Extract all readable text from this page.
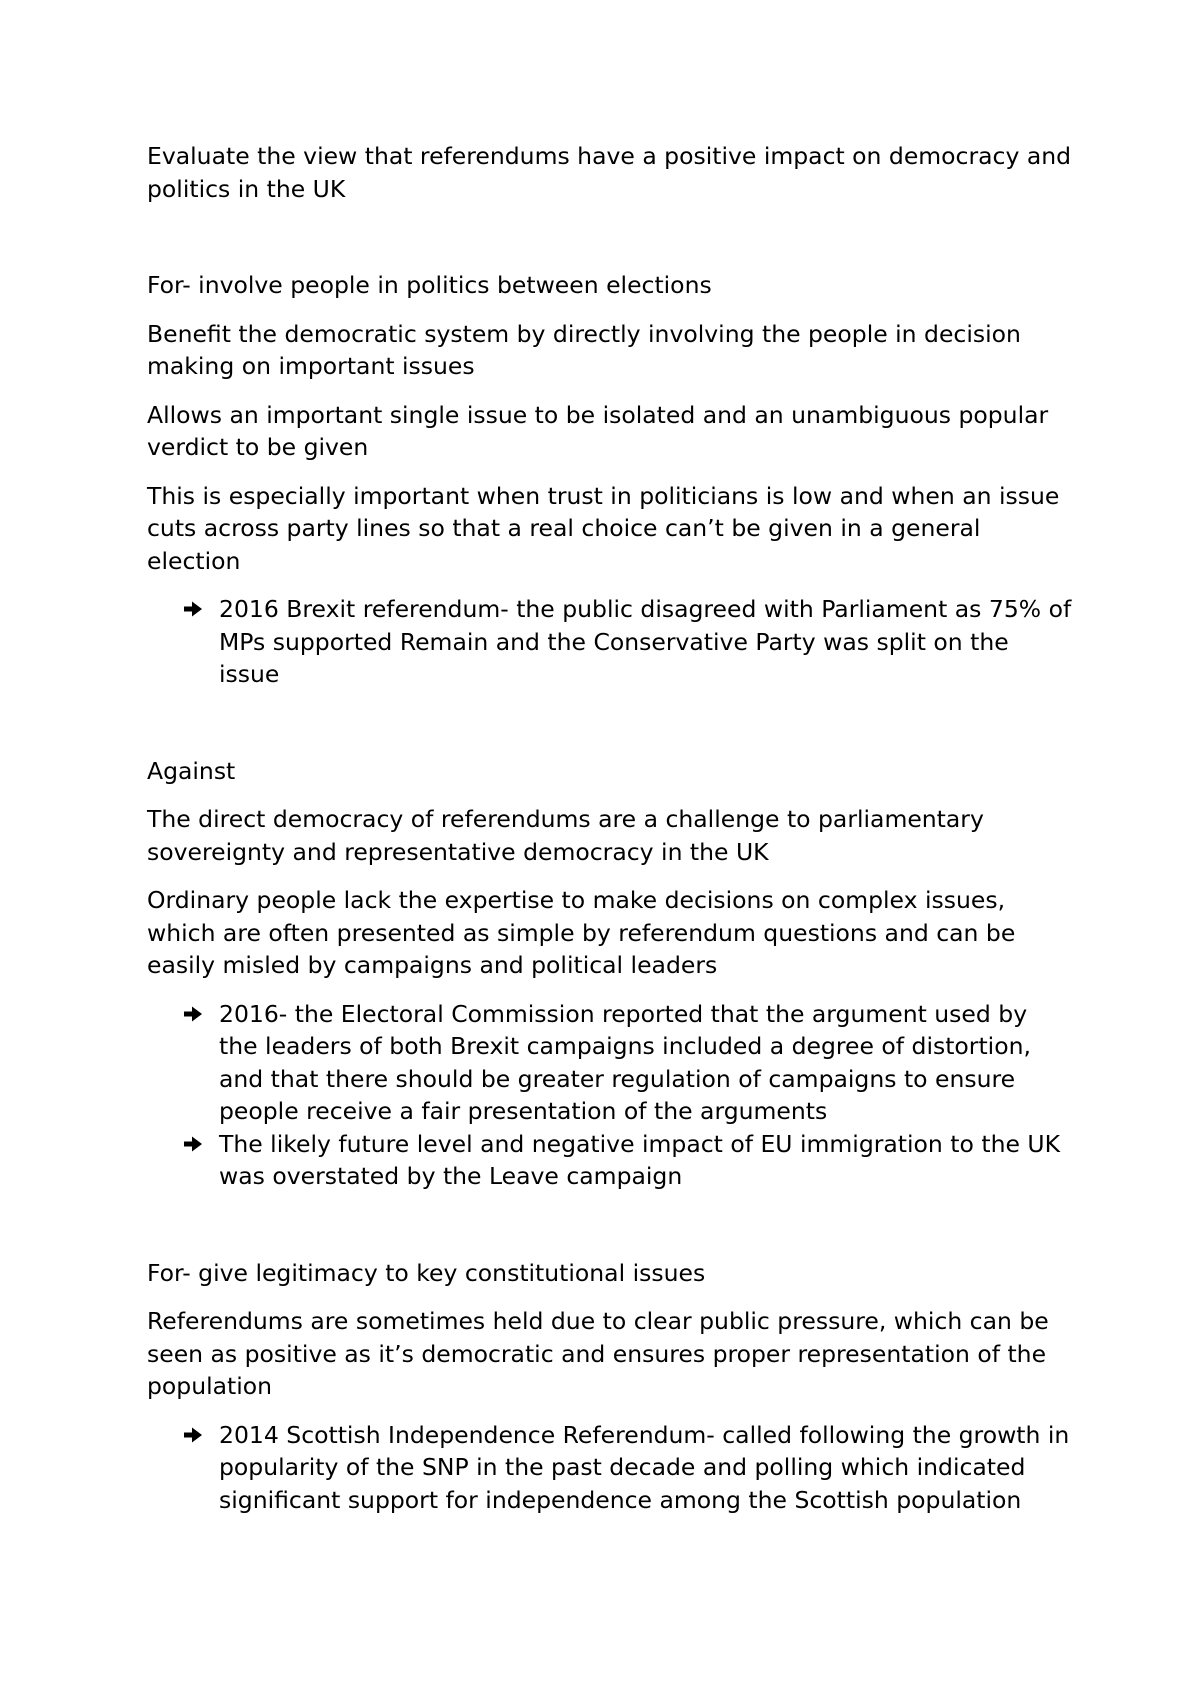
Evaluate the view that referendums have a positive impact on democracy and politics in the UK

For- involve people in politics between elections

Benefit the democratic system by directly involving the people in decision making on important issues

Allows an important single issue to be isolated and an unambiguous popular verdict to be given

This is especially important when trust in politicians is low and when an issue cuts across party lines so that a real choice can’t be given in a general election

2016 Brexit referendum- the public disagreed with Parliament as 75% of MPs supported Remain and the Conservative Party was split on the issue

Against

The direct democracy of referendums are a challenge to parliamentary sovereignty and representative democracy in the UK

Ordinary people lack the expertise to make decisions on complex issues, which are often presented as simple by referendum questions and can be easily misled by campaigns and political leaders

2016- the Electoral Commission reported that the argument used by the leaders of both Brexit campaigns included a degree of distortion, and that there should be greater regulation of campaigns to ensure people receive a fair presentation of the arguments
The likely future level and negative impact of EU immigration to the UK was overstated by the Leave campaign

For- give legitimacy to key constitutional issues

Referendums are sometimes held due to clear public pressure, which can be seen as positive as it’s democratic and ensures proper representation of the population

2014 Scottish Independence Referendum- called following the growth in popularity of the SNP in the past decade and polling which indicated significant support for independence among the Scottish population
